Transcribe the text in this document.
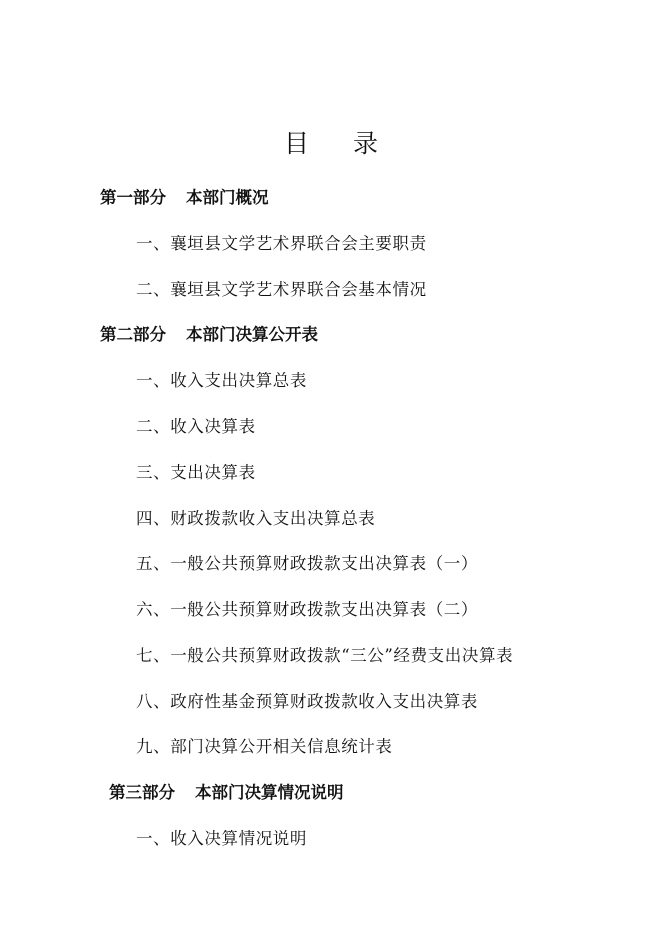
目 录
第一部分 本部门概况
一、襄垣县文学艺术界联合会主要职责
二、襄垣县文学艺术界联合会基本情况
第二部分 本部门决算公开表
一、收入支出决算总表
二、收入决算表
三、支出决算表
四、财政拨款收入支出决算总表
五、一般公共预算财政拨款支出决算表（一）
六、一般公共预算财政拨款支出决算表（二）
七、一般公共预算财政拨款“三公”经费支出决算表
八、政府性基金预算财政拨款收入支出决算表
九、部门决算公开相关信息统计表
第三部分 本部门决算情况说明
一、收入决算情况说明
